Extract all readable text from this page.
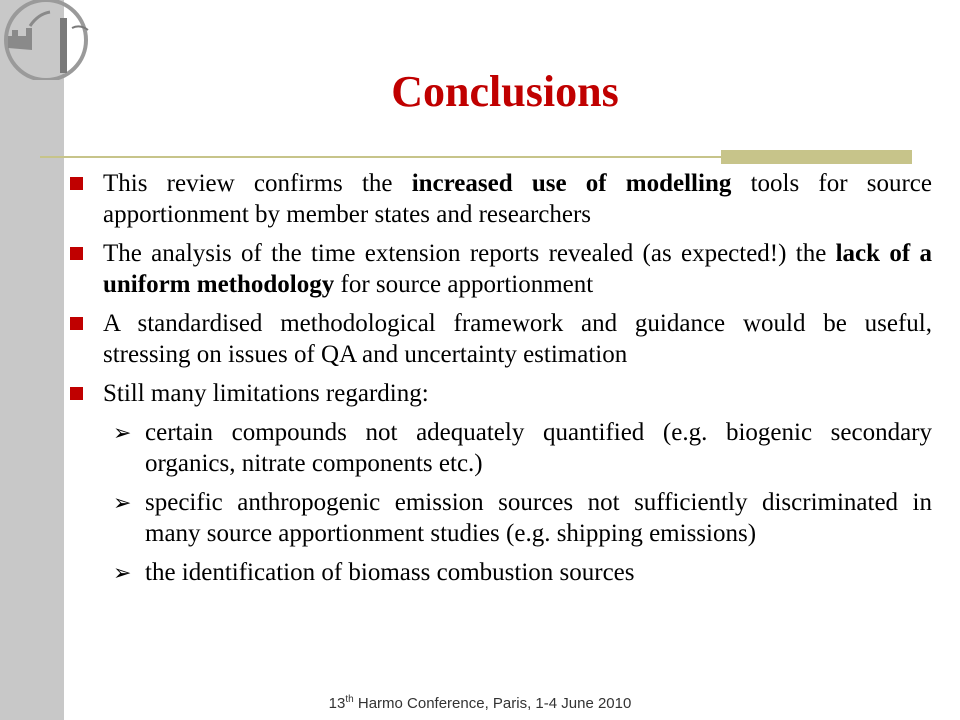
Conclusions
This review confirms the increased use of modelling tools for source apportionment by member states and researchers
The analysis of the time extension reports revealed (as expected!) the lack of a uniform methodology for source apportionment
A standardised methodological framework and guidance would be useful, stressing on issues of QA and uncertainty estimation
Still many limitations regarding:
➢ certain compounds not adequately quantified (e.g. biogenic secondary organics, nitrate components etc.)
➢ specific anthropogenic emission sources not sufficiently discriminated in many source apportionment studies (e.g. shipping emissions)
➢ the identification of biomass combustion sources
13th Harmo Conference, Paris, 1-4 June 2010
